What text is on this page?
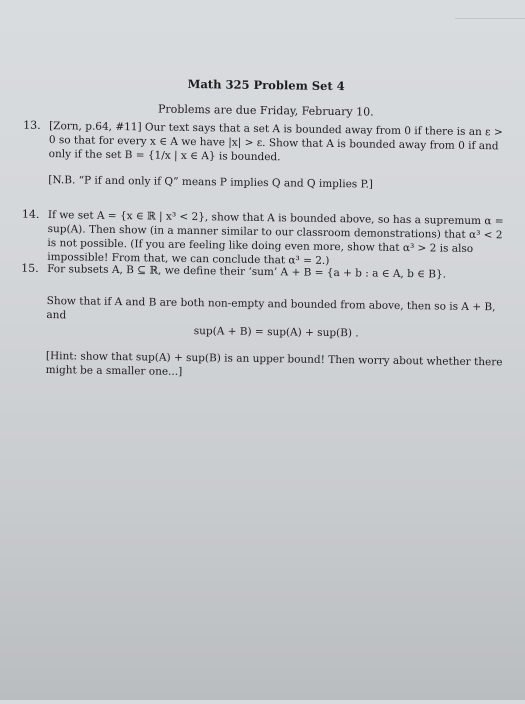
Math 325 Problem Set 4
Problems are due Friday, February 10.
13. [Zorn, p.64, #11] Our text says that a set A is bounded away from 0 if there is an ε > 0 so that for every x ∈ A we have |x| > ε. Show that A is bounded away from 0 if and only if the set B = {1/x | x ∈ A} is bounded.

[N.B. “P if and only if Q” means P implies Q and Q implies P.]
14. If we set A = {x ∈ ℝ | x³ < 2}, show that A is bounded above, so has a supremum α = sup(A). Then show (in a manner similar to our classroom demonstrations) that α³ < 2 is not possible. (If you are feeling like doing even more, show that α³ > 2 is also impossible! From that, we can conclude that α³ = 2.)

15. For subsets A, B ⊆ ℝ, we define their ‘sum’ A + B = {a + b : a ∈ A, b ∈ B}.

Show that if A and B are both non-empty and bounded from above, then so is A + B, and
sup(A + B) = sup(A) + sup(B) .
[Hint: show that sup(A) + sup(B) is an upper bound! Then worry about whether there might be a smaller one...]
